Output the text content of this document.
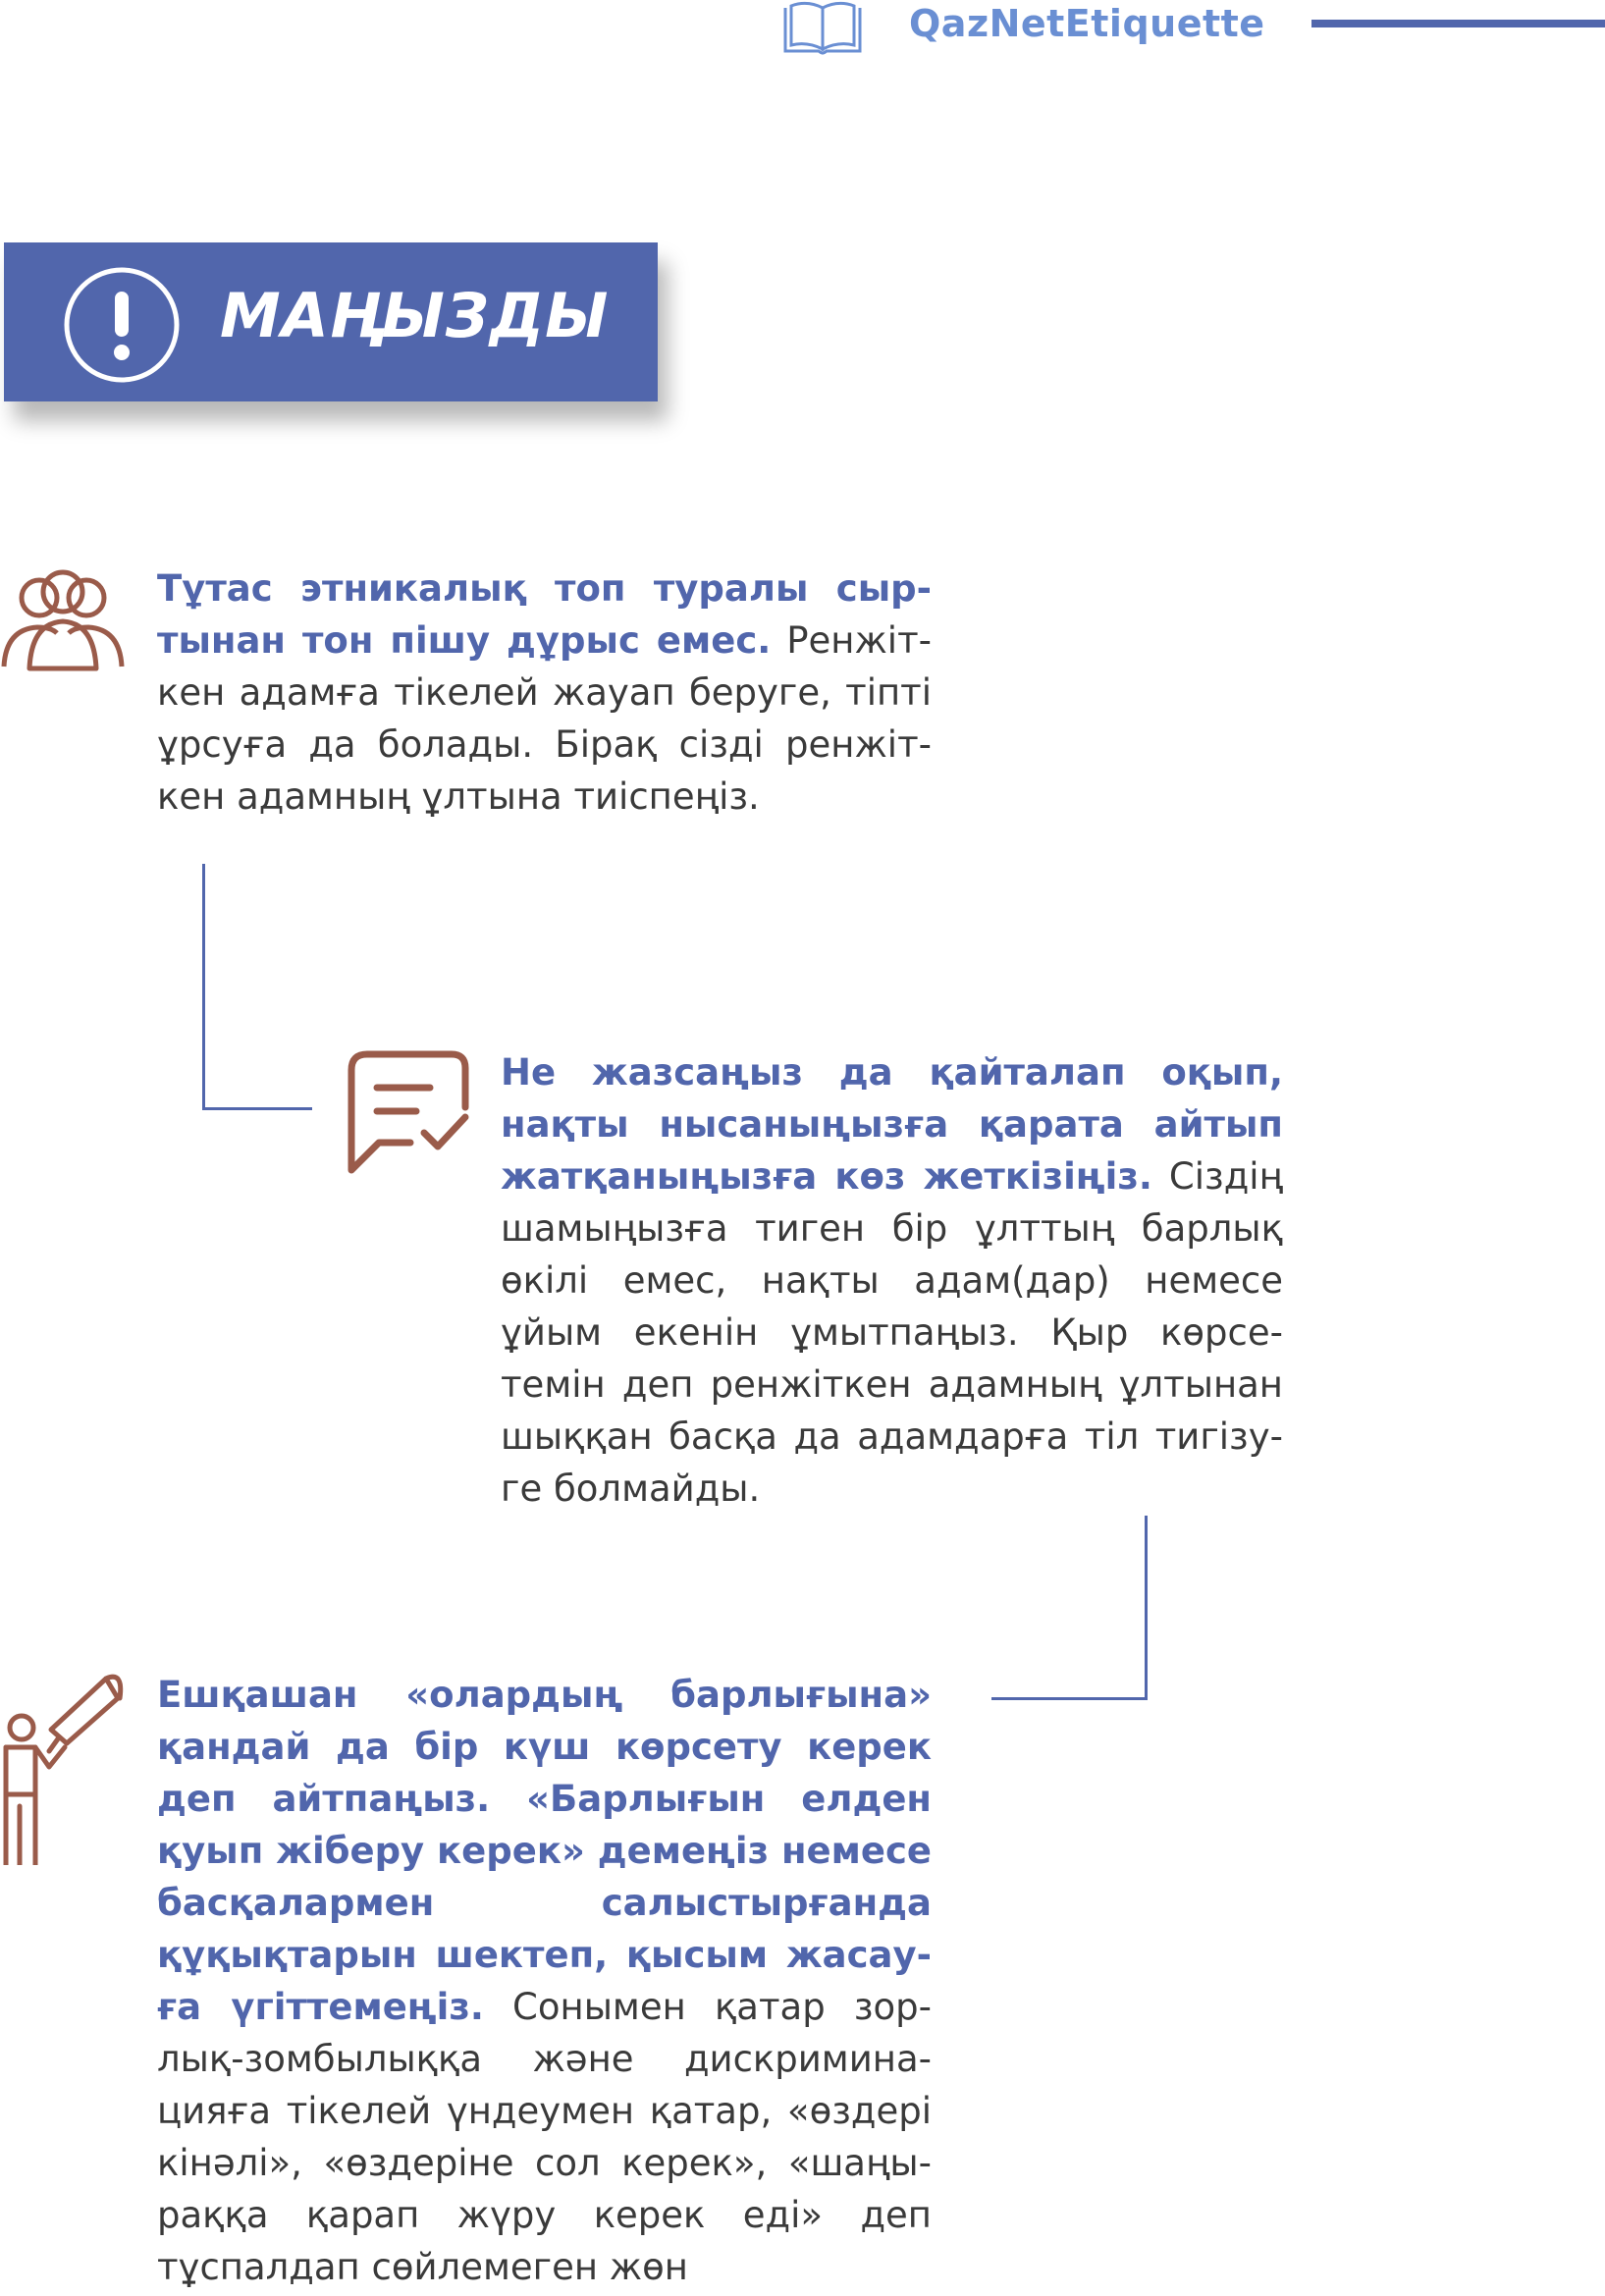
QazNetEtiquette
МАҢЫЗДЫ
Тұтас этникалық топ туралы сыртынан тон пішу дұрыс емес. Ренжіткен адамға тікелей жауап беруге, тіпті ұрсуға да болады. Бірақ сізді ренжіткен адамның ұлтына тиіспеңіз.
Не жазсаңыз да қайталап оқып, нақты нысаныңызға қарата айтып жатқаныңызға көз жеткізіңіз. Сіздің шамыңызға тиген бір ұлттың барлық өкілі емес, нақты адам(дар) немесе ұйым екенін ұмытпаңыз. Қыр көрсетемін деп ренжіткен адамның ұлтынан шыққан басқа да адамдарға тіл тигізуге болмайды.
Ешқашан «олардың барлығына» қандай да бір күш көрсету керек деп айтпаңыз. «Барлығын елден қуып жіберу керек» демеңіз немесе басқалармен салыстырғанда құқықтарын шектеп, қысым жасауға үгіттемеңіз. Сонымен қатар зорлық-зомбылыққа және дискриминацияға тікелей үндеумен қатар, «өздері кінәлі», «өздеріне сол керек», «шаңыраққа қарап жүру керек еді» деп тұспалдап сөйлемеген жөн
